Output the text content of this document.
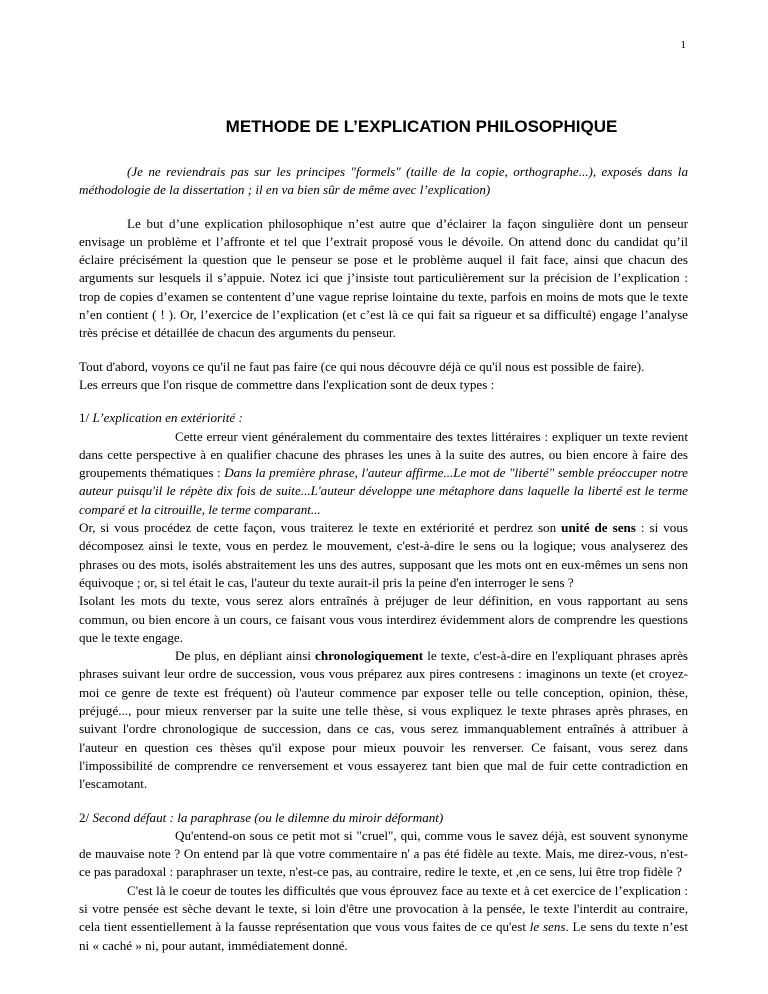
1
METHODE DE L’EXPLICATION PHILOSOPHIQUE

(Je ne reviendrais pas sur les principes "formels" (taille de la copie, orthographe...), exposés dans la méthodologie de la dissertation ; il en va bien sûr de même avec l’explication)

Le but d’une explication philosophique n’est autre que d’éclairer la façon singulière dont un penseur envisage un problème et l’affronte et tel que l’extrait proposé vous le dévoile. On attend donc du candidat qu’il éclaire précisément la question que le penseur se pose et le problème auquel il fait face, ainsi que chacun des arguments sur lesquels il s’appuie. Notez ici que j’insiste tout particulièrement sur la précision de l’explication : trop de copies d’examen se contentent d’une vague reprise lointaine du texte, parfois en moins de mots que le texte n’en contient ( ! ). Or, l’exercice de l’explication (et c’est là ce qui fait sa rigueur et sa difficulté) engage l’analyse très précise et détaillée de chacun des arguments du penseur.

Tout d'abord, voyons ce qu'il ne faut pas faire (ce qui nous découvre déjà ce qu'il nous est possible de faire).

Les erreurs que l'on risque de commettre dans l'explication sont de deux types :

1/ L’explication en extériorité :

Cette erreur vient généralement du commentaire des textes littéraires : expliquer un texte revient dans cette perspective à en qualifier chacune des phrases les unes à la suite des autres, ou bien encore à faire des groupements thématiques : Dans la première phrase, l'auteur affirme...Le mot de "liberté" semble préoccuper notre auteur puisqu'il le répète dix fois de suite...L'auteur développe une métaphore dans laquelle la liberté est le terme comparé et la citrouille, le terme comparant...

Or, si vous procédez de cette façon, vous traiterez le texte en extériorité et perdrez son unité de sens : si vous décomposez ainsi le texte, vous en perdez le mouvement, c'est-à-dire le sens ou la logique; vous analyserez des phrases ou des mots, isolés abstraitement les uns des autres, supposant que les mots ont en eux-mêmes un sens non équivoque ; or, si tel était le cas, l'auteur du texte aurait-il pris la peine d'en interroger le sens ?

Isolant les mots du texte, vous serez alors entraînés à préjuger de leur définition, en vous rapportant au sens commun, ou bien encore à un cours, ce faisant vous vous interdirez évidemment alors de comprendre les questions que le texte engage.

De plus, en dépliant ainsi chronologiquement le texte, c'est-à-dire en l'expliquant phrases après phrases suivant leur ordre de succession, vous vous préparez aux pires contresens : imaginons un texte (et croyez-moi ce genre de texte est fréquent) où l'auteur commence par exposer telle ou telle conception, opinion, thèse, préjugé..., pour mieux renverser par la suite une telle thèse, si vous expliquez le texte phrases après phrases, en suivant l'ordre chronologique de succession, dans ce cas, vous serez immanquablement entraînés à attribuer à l'auteur en question ces thèses qu'il expose pour mieux pouvoir les renverser. Ce faisant, vous serez dans l'impossibilité de comprendre ce renversement et vous essayerez tant bien que mal de fuir cette contradiction en l'escamotant.

2/ Second défaut : la paraphrase (ou le dilemne du miroir déformant)

Qu'entend-on sous ce petit mot si "cruel", qui, comme vous le savez déjà, est souvent synonyme de mauvaise note ? On entend par là que votre commentaire n' a pas été fidèle au texte. Mais, me direz-vous, n'est-ce pas paradoxal : paraphraser un texte, n'est-ce pas, au contraire, redire le texte, et ,en ce sens, lui être trop fidèle ?

C'est là le coeur de toutes les difficultés que vous éprouvez face au texte et à cet exercice de l’explication : si votre pensée est sèche devant le texte, si loin d'être une provocation à la pensée, le texte l'interdit au contraire, cela tient essentiellement à la fausse représentation que vous vous faites de ce qu'est le sens. Le sens du texte n’est ni « caché » ni, pour autant, immédiatement donné.
